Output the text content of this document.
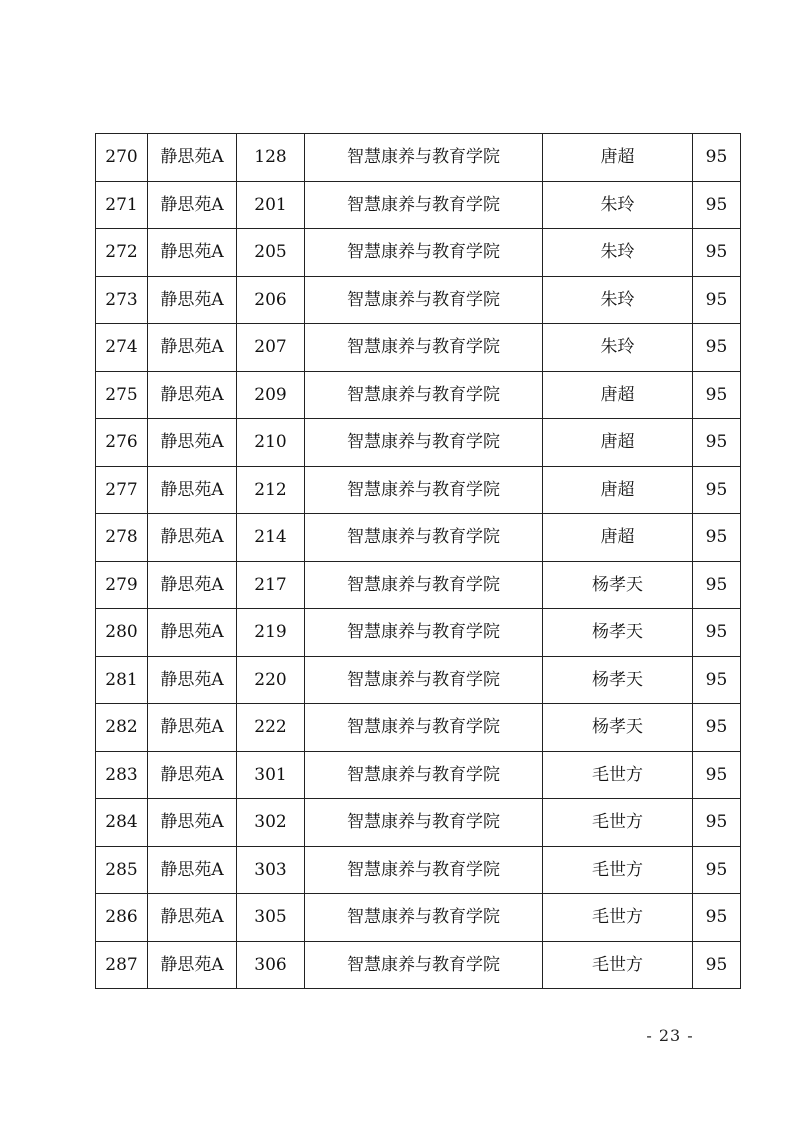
270	静思苑A	128	智慧康养与教育学院	唐超	95
271	静思苑A	201	智慧康养与教育学院	朱玲	95
272	静思苑A	205	智慧康养与教育学院	朱玲	95
273	静思苑A	206	智慧康养与教育学院	朱玲	95
274	静思苑A	207	智慧康养与教育学院	朱玲	95
275	静思苑A	209	智慧康养与教育学院	唐超	95
276	静思苑A	210	智慧康养与教育学院	唐超	95
277	静思苑A	212	智慧康养与教育学院	唐超	95
278	静思苑A	214	智慧康养与教育学院	唐超	95
279	静思苑A	217	智慧康养与教育学院	杨孝天	95
280	静思苑A	219	智慧康养与教育学院	杨孝天	95
281	静思苑A	220	智慧康养与教育学院	杨孝天	95
282	静思苑A	222	智慧康养与教育学院	杨孝天	95
283	静思苑A	301	智慧康养与教育学院	毛世方	95
284	静思苑A	302	智慧康养与教育学院	毛世方	95
285	静思苑A	303	智慧康养与教育学院	毛世方	95
286	静思苑A	305	智慧康养与教育学院	毛世方	95
287	静思苑A	306	智慧康养与教育学院	毛世方	95
- 23 -
